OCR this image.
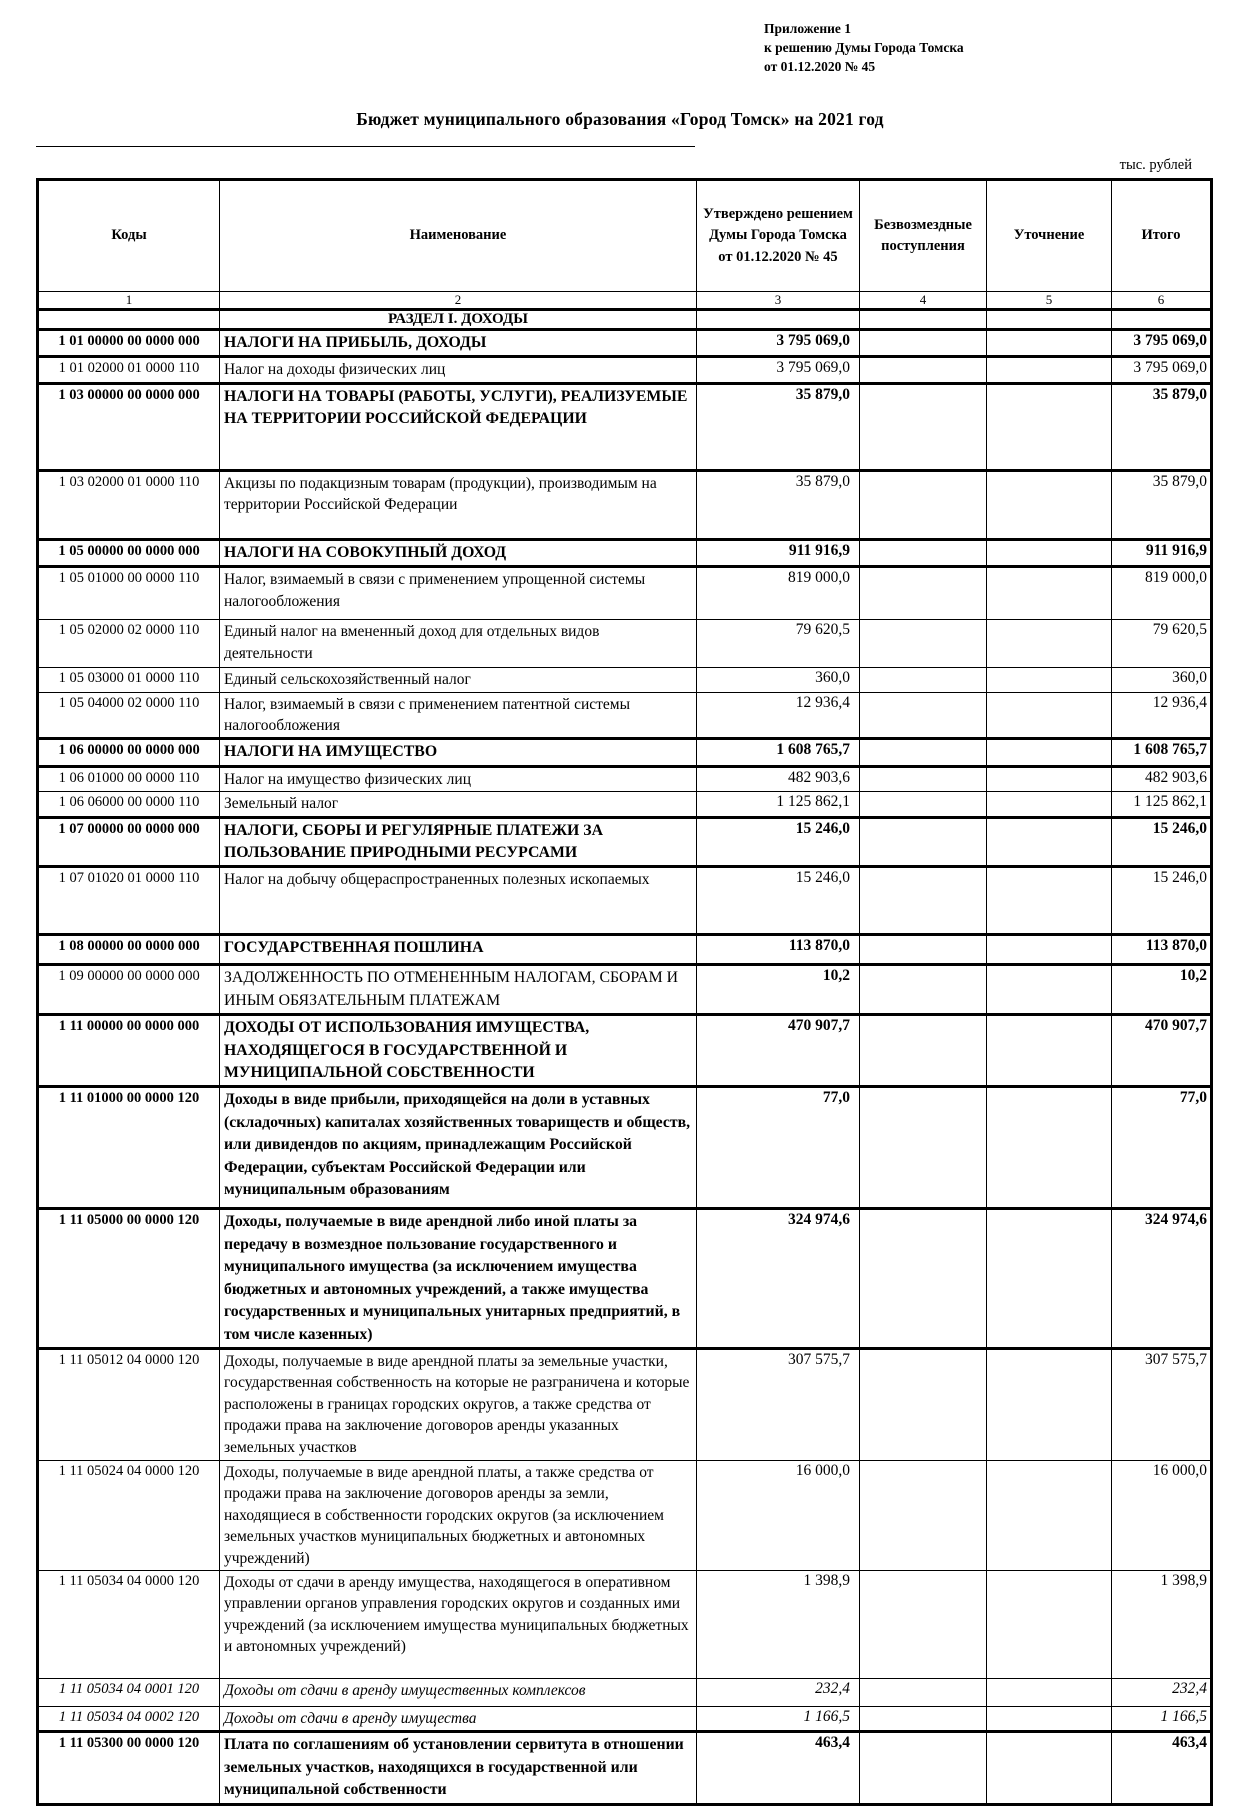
Приложение 1
к решению Думы Города Томска
от 01.12.2020 № 45
Бюджет муниципального образования «Город Томск» на 2021 год
тыс. рублей
Коды	Наименование	Утверждено решением Думы Города Томска от 01.12.2020 № 45	Безвозмездные поступления	Уточнение	Итого
1	2	3	4	5	6
	РАЗДЕЛ I. ДОХОДЫ				
1 01 00000 00 0000 000	НАЛОГИ НА ПРИБЫЛЬ, ДОХОДЫ	3 795 069,0			3 795 069,0
1 01 02000 01 0000 110	Налог на доходы физических лиц	3 795 069,0			3 795 069,0
1 03 00000 00 0000 000	НАЛОГИ НА ТОВАРЫ (РАБОТЫ, УСЛУГИ), РЕАЛИЗУЕМЫЕ НА ТЕРРИТОРИИ РОССИЙСКОЙ ФЕДЕРАЦИИ	35 879,0			35 879,0
1 03 02000 01 0000 110	Акцизы по подакцизным товарам (продукции), производимым на территории Российской Федерации	35 879,0			35 879,0
1 05 00000 00 0000 000	НАЛОГИ НА СОВОКУПНЫЙ ДОХОД	911 916,9			911 916,9
1 05 01000 00 0000 110	Налог, взимаемый в связи с применением упрощенной системы налогообложения	819 000,0			819 000,0
1 05 02000 02 0000 110	Единый налог на вмененный доход для отдельных видов деятельности	79 620,5			79 620,5
1 05 03000 01 0000 110	Единый сельскохозяйственный налог	360,0			360,0
1 05 04000 02 0000 110	Налог, взимаемый в связи с применением патентной системы налогообложения	12 936,4			12 936,4
1 06 00000 00 0000 000	НАЛОГИ НА ИМУЩЕСТВО	1 608 765,7			1 608 765,7
1 06 01000 00 0000 110	Налог на имущество физических лиц	482 903,6			482 903,6
1 06 06000 00 0000 110	Земельный налог	1 125 862,1			1 125 862,1
1 07 00000 00 0000 000	НАЛОГИ, СБОРЫ И РЕГУЛЯРНЫЕ ПЛАТЕЖИ ЗА ПОЛЬЗОВАНИЕ ПРИРОДНЫМИ РЕСУРСАМИ	15 246,0			15 246,0
1 07 01020 01 0000 110	Налог на добычу общераспространенных полезных ископаемых	15 246,0			15 246,0
1 08 00000 00 0000 000	ГОСУДАРСТВЕННАЯ ПОШЛИНА	113 870,0			113 870,0
1 09 00000 00 0000 000	ЗАДОЛЖЕННОСТЬ ПО ОТМЕНЕННЫМ НАЛОГАМ, СБОРАМ И ИНЫМ ОБЯЗАТЕЛЬНЫМ ПЛАТЕЖАМ	10,2			10,2
1 11 00000 00 0000 000	ДОХОДЫ ОТ ИСПОЛЬЗОВАНИЯ ИМУЩЕСТВА, НАХОДЯЩЕГОСЯ В ГОСУДАРСТВЕННОЙ И МУНИЦИПАЛЬНОЙ СОБСТВЕННОСТИ	470 907,7			470 907,7
1 11 01000 00 0000 120	Доходы в виде прибыли, приходящейся на доли в уставных (складочных) капиталах хозяйственных товариществ и обществ, или дивидендов по акциям, принадлежащим Российской Федерации, субъектам Российской Федерации или муниципальным образованиям	77,0			77,0
1 11 05000 00 0000 120	Доходы, получаемые в виде арендной либо иной платы за передачу в возмездное пользование государственного и муниципального имущества (за исключением имущества бюджетных и автономных учреждений, а также имущества государственных и муниципальных унитарных предприятий, в том числе казенных)	324 974,6			324 974,6
1 11 05012 04 0000 120	Доходы, получаемые в виде арендной платы за земельные участки, государственная собственность на которые не разграничена и которые расположены в границах городских округов, а также средства от продажи права на заключение договоров аренды указанных земельных участков	307 575,7			307 575,7
1 11 05024 04 0000 120	Доходы, получаемые в виде арендной платы, а также средства от продажи права на заключение договоров аренды за земли, находящиеся в собственности городских округов (за исключением земельных участков муниципальных бюджетных и автономных учреждений)	16 000,0			16 000,0
1 11 05034 04 0000 120	Доходы от сдачи в аренду имущества, находящегося в оперативном управлении органов управления городских округов и созданных ими учреждений (за исключением имущества муниципальных бюджетных и автономных учреждений)	1 398,9			1 398,9
1 11 05034 04 0001 120	Доходы от сдачи в аренду имущественных комплексов	232,4			232,4
1 11 05034 04 0002 120	Доходы от сдачи в аренду имущества	1 166,5			1 166,5
1 11 05300 00 0000 120	Плата по соглашениям об установлении сервитута в отношении земельных участков, находящихся в государственной или муниципальной собственности	463,4			463,4
